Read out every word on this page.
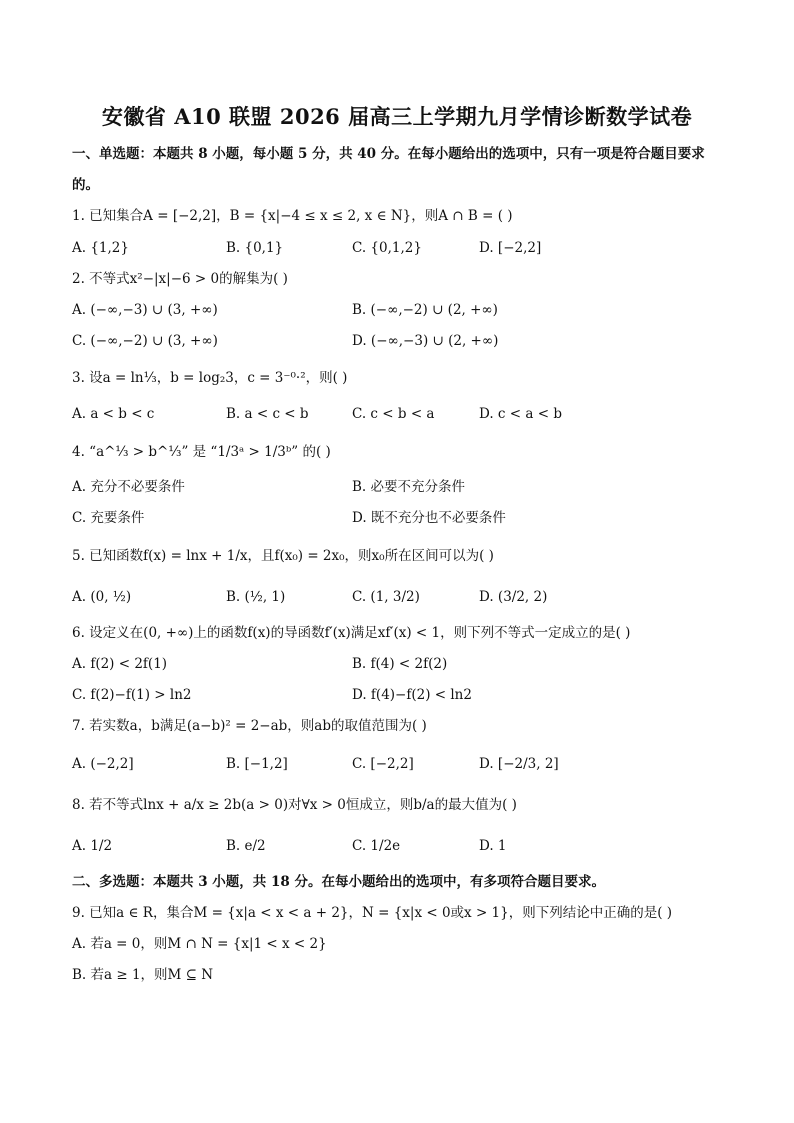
安徽省 A10 联盟 2026 届高三上学期九月学情诊断数学试卷
一、单选题：本题共 8 小题，每小题 5 分，共 40 分。在每小题给出的选项中，只有一项是符合题目要求
的。
1. 已知集合A = [−2,2]，B = {x|−4 ≤ x ≤ 2, x ∈ N}，则A ∩ B = ( )
A. {1,2}	B. {0,1}	C. {0,1,2}	D. [−2,2]
2. 不等式x²−|x|−6 > 0的解集为( )
A. (−∞,−3) ∪ (3, +∞)	B. (−∞,−2) ∪ (2, +∞)
C. (−∞,−2) ∪ (3, +∞)	D. (−∞,−3) ∪ (2, +∞)
3. 设a = ln⅓，b = log₂3，c = 3⁻⁰·²，则( )
A. a < b < c	B. a < c < b	C. c < b < a	D. c < a < b
4. “a^⅓ > b^⅓” 是 “1/3ᵃ > 1/3ᵇ” 的( )
A. 充分不必要条件	B. 必要不充分条件
C. 充要条件	D. 既不充分也不必要条件
5. 已知函数f(x) = lnx + 1/x，且f(x₀) = 2x₀，则x₀所在区间可以为( )
A. (0, ½)	B. (½, 1)	C. (1, 3/2)	D. (3/2, 2)
6. 设定义在(0, +∞)上的函数f(x)的导函数f′(x)满足xf′(x) < 1，则下列不等式一定成立的是( )
A. f(2) < 2f(1)	B. f(4) < 2f(2)
C. f(2)−f(1) > ln2	D. f(4)−f(2) < ln2
7. 若实数a，b满足(a−b)² = 2−ab，则ab的取值范围为( )
A. (−2,2]	B. [−1,2]	C. [−2,2]	D. [−2/3, 2]
8. 若不等式lnx + a/x ≥ 2b(a > 0)对∀x > 0恒成立，则b/a的最大值为( )
A. 1/2	B. e/2	C. 1/2e	D. 1
二、多选题：本题共 3 小题，共 18 分。在每小题给出的选项中，有多项符合题目要求。
9. 已知a ∈ R，集合M = {x|a < x < a + 2}，N = {x|x < 0或x > 1}，则下列结论中正确的是( )
A. 若a = 0，则M ∩ N = {x|1 < x < 2}
B. 若a ≥ 1，则M ⊆ N
